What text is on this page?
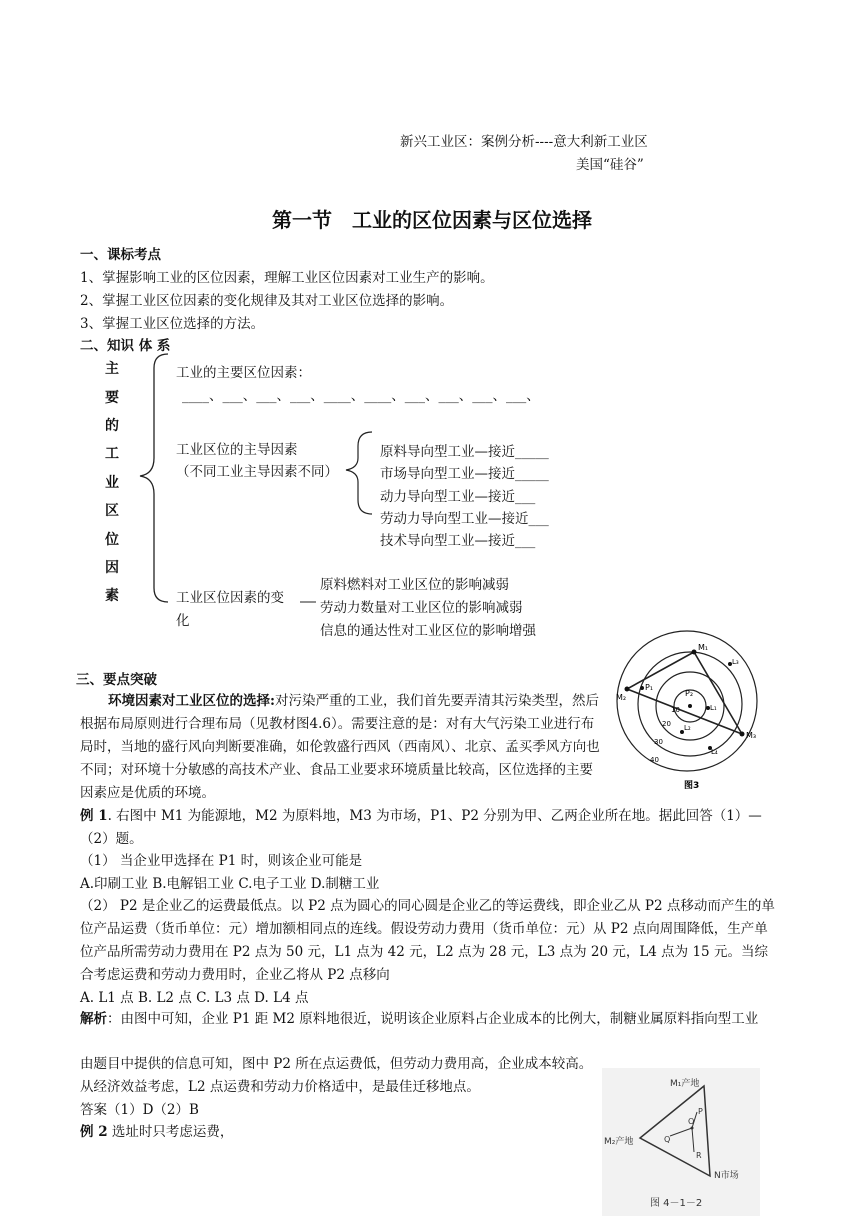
新兴工业区：案例分析----意大利新工业区
美国“硅谷”
第一节　工业的区位因素与区位选择
一、课标考点
1、掌握影响工业的区位因素，理解工业区位因素对工业生产的影响。
2、掌握工业区位因素的变化规律及其对工业区位选择的影响。
3、掌握工业区位选择的方法。
二、知识 体 系
主
要
的
工
业
区
位
因
素
工业的主要区位因素：
____、___、___、___、____、____、___、___、___、___、
工业区位的主导因素
（不同工业主导因素不同）
原料导向型工业—接近_____
市场导向型工业—接近_____
动力导向型工业—接近___
劳动力导向型工业—接近___
技术导向型工业—接近___
工业区位因素的变
化
原料燃料对工业区位的影响减弱
劳动力数量对工业区位的影响减弱
信息的通达性对工业区位的影响增强
三、要点突破
环境因素对工业区位的选择:对污染严重的工业，我们首先要弄清其污染类型，然后根据布局原则进行合理布局（见教材图4.6）。需要注意的是：对有大气污染工业进行布局时，当地的盛行风向判断要准确，如伦敦盛行西风（西南风）、北京、孟买季风方向也不同；对环境十分敏感的高技术产业、食品工业要求环境质量比较高，区位选择的主要因素应是优质的环境。
M₁
M₂
M₃
P₁
P₂
L₃
L₁
L₂
L₄
10
20
30
40
图3
例 1. 右图中 M1 为能源地，M2 为原料地，M3 为市场，P1、P2 分别为甲、乙两企业所在地。据此回答（1）—（2）题。
（1） 当企业甲选择在 P1 时，则该企业可能是
A.印刷工业 B.电解铝工业 C.电子工业 D.制糖工业
（2） P2 是企业乙的运费最低点。以 P2 点为圆心的同心圆是企业乙的等运费线，即企业乙从 P2 点移动而产生的单位产品运费（货币单位：元）增加额相同点的连线。假设劳动力费用（货币单位：元）从 P2 点向周围降低，生产单位产品所需劳动力费用在 P2 点为 50 元，L1 点为 42 元，L2 点为 28 元，L3 点为 20 元，L4 点为 15 元。当综合考虑运费和劳动力费用时，企业乙将从 P2 点移向
A. L1 点 B. L2 点 C. L3 点 D. L4 点
解析：由图中可知，企业 P1 距 M2 原料地很近，说明该企业原料占企业成本的比例大，制糖业属原料指向型工业
由题目中提供的信息可知，图中 P2 所在点运费低，但劳动力费用高，企业成本较高。从经济效益考虑，L2 点运费和劳动力价格适中，是最佳迁移地点。
答案（1）D（2）B
例 2 选址时只考虑运费，
M₁产地
M₂产地
N市场
P
O
Q
R
图 4－1－2
